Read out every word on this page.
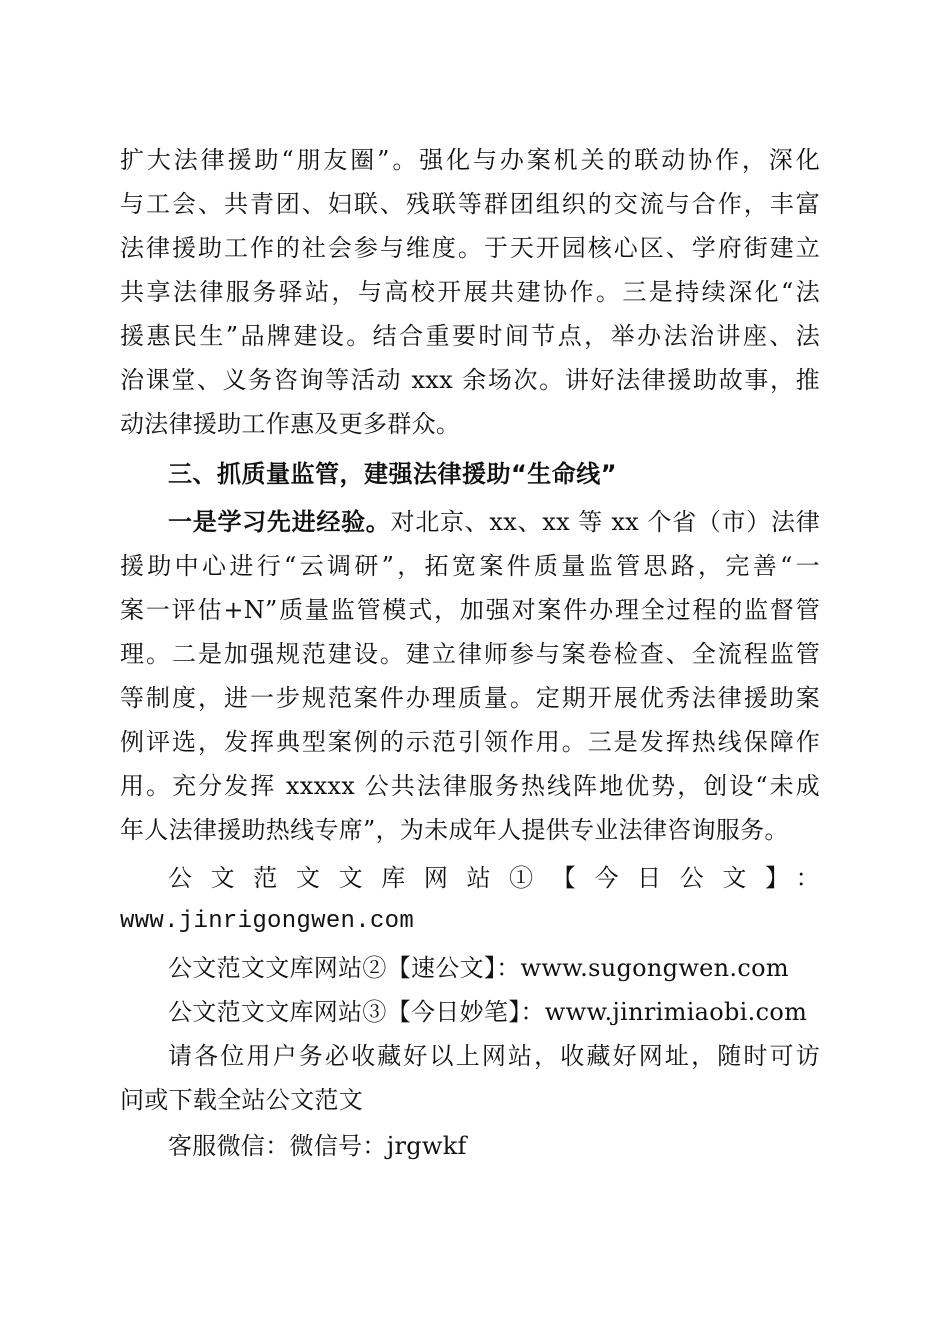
扩大法律援助“朋友圈”。强化与办案机关的联动协作，深化
与工会、共青团、妇联、残联等群团组织的交流与合作，丰富
法律援助工作的社会参与维度。于天开园核心区、学府街建立
共享法律服务驿站，与高校开展共建协作。三是持续深化“法
援惠民生”品牌建设。结合重要时间节点，举办法治讲座、法
治课堂、义务咨询等活动 xxx 余场次。讲好法律援助故事，推
动法律援助工作惠及更多群众。
三、抓质量监管，建强法律援助“生命线”
一是学习先进经验。对北京、xx、xx 等 xx 个省（市）法律
援助中心进行“云调研”，拓宽案件质量监管思路，完善“一
案一评估+N”质量监管模式，加强对案件办理全过程的监督管
理。二是加强规范建设。建立律师参与案卷检查、全流程监管
等制度，进一步规范案件办理质量。定期开展优秀法律援助案
例评选，发挥典型案例的示范引领作用。三是发挥热线保障作
用。充分发挥 xxxxx 公共法律服务热线阵地优势，创设“未成
年人法律援助热线专席”，为未成年人提供专业法律咨询服务。
公文范文文库网站①【今日公文】：
www.jinrigongwen.com
公文范文文库网站②【速公文】：www.sugongwen.com
公文范文文库网站③【今日妙笔】：www.jinrimiaobi.com
请各位用户务必收藏好以上网站，收藏好网址，随时可访
问或下载全站公文范文
客服微信：微信号：jrgwkf
